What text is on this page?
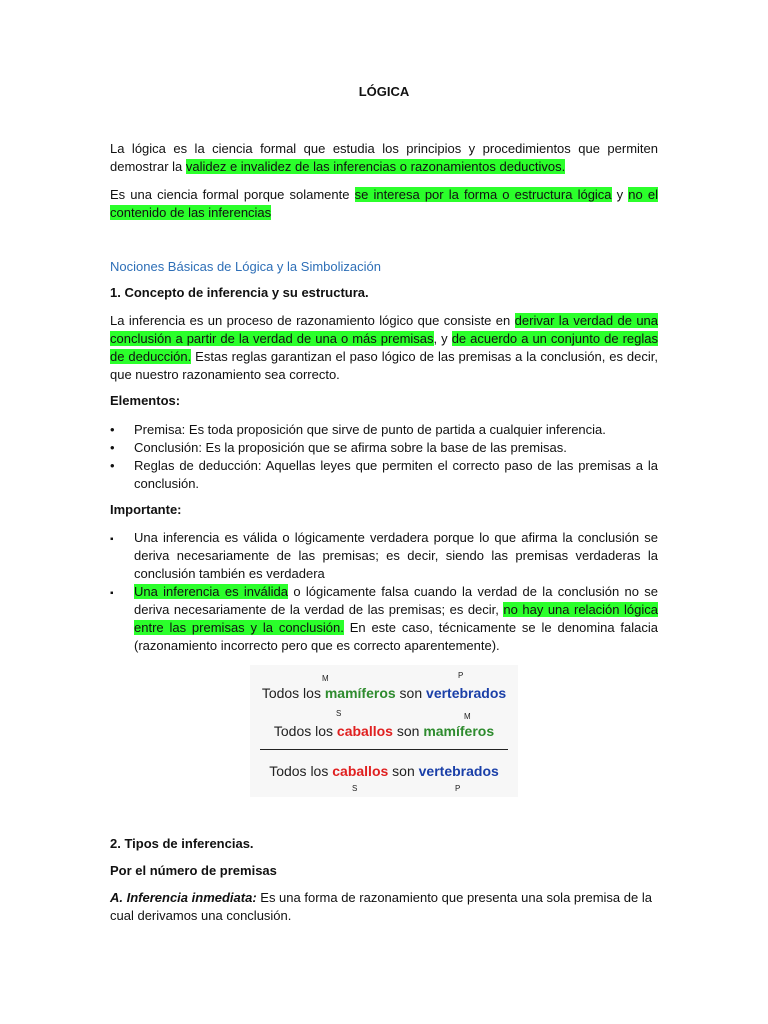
LÓGICA

La lógica es la ciencia formal que estudia los principios y procedimientos que permiten demostrar la validez e invalidez de las inferencias o razonamientos deductivos.

Es una ciencia formal porque solamente se interesa por la forma o estructura lógica y no el contenido de las inferencias

Nociones Básicas de Lógica y la Simbolización
1. Concepto de inferencia y su estructura.

La inferencia es un proceso de razonamiento lógico que consiste en derivar la verdad de una conclusión a partir de la verdad de una o más premisas, y de acuerdo a un conjunto de reglas de deducción. Estas reglas garantizan el paso lógico de las premisas a la conclusión, es decir, que nuestro razonamiento sea correcto.

Elementos:
•
Premisa: Es toda proposición que sirve de punto de partida a cualquier inferencia.
•
Conclusión: Es la proposición que se afirma sobre la base de las premisas.
•
Reglas de deducción: Aquellas leyes que permiten el correcto paso de las premisas a la conclusión.
Importante:
▪
Una inferencia es válida o lógicamente verdadera porque lo que afirma la conclusión se deriva necesariamente de las premisas; es decir, siendo las premisas verdaderas la conclusión también es verdadera
▪
Una inferencia es inválida o lógicamente falsa cuando la verdad de la conclusión no se deriva necesariamente de la verdad de las premisas; es decir, no hay una relación lógica entre las premisas y la conclusión. En este caso, técnicamente se le denomina falacia (razonamiento incorrecto pero que es correcto aparentemente).
M	P
Todos los mamíferos son vertebrados
S	M
Todos los caballos son mamíferos
Todos los caballos son vertebrados
S	P
2. Tipos de inferencias.
Por el número de premisas

A. Inferencia inmediata: Es una forma de razonamiento que presenta una sola premisa de la cual derivamos una conclusión.
